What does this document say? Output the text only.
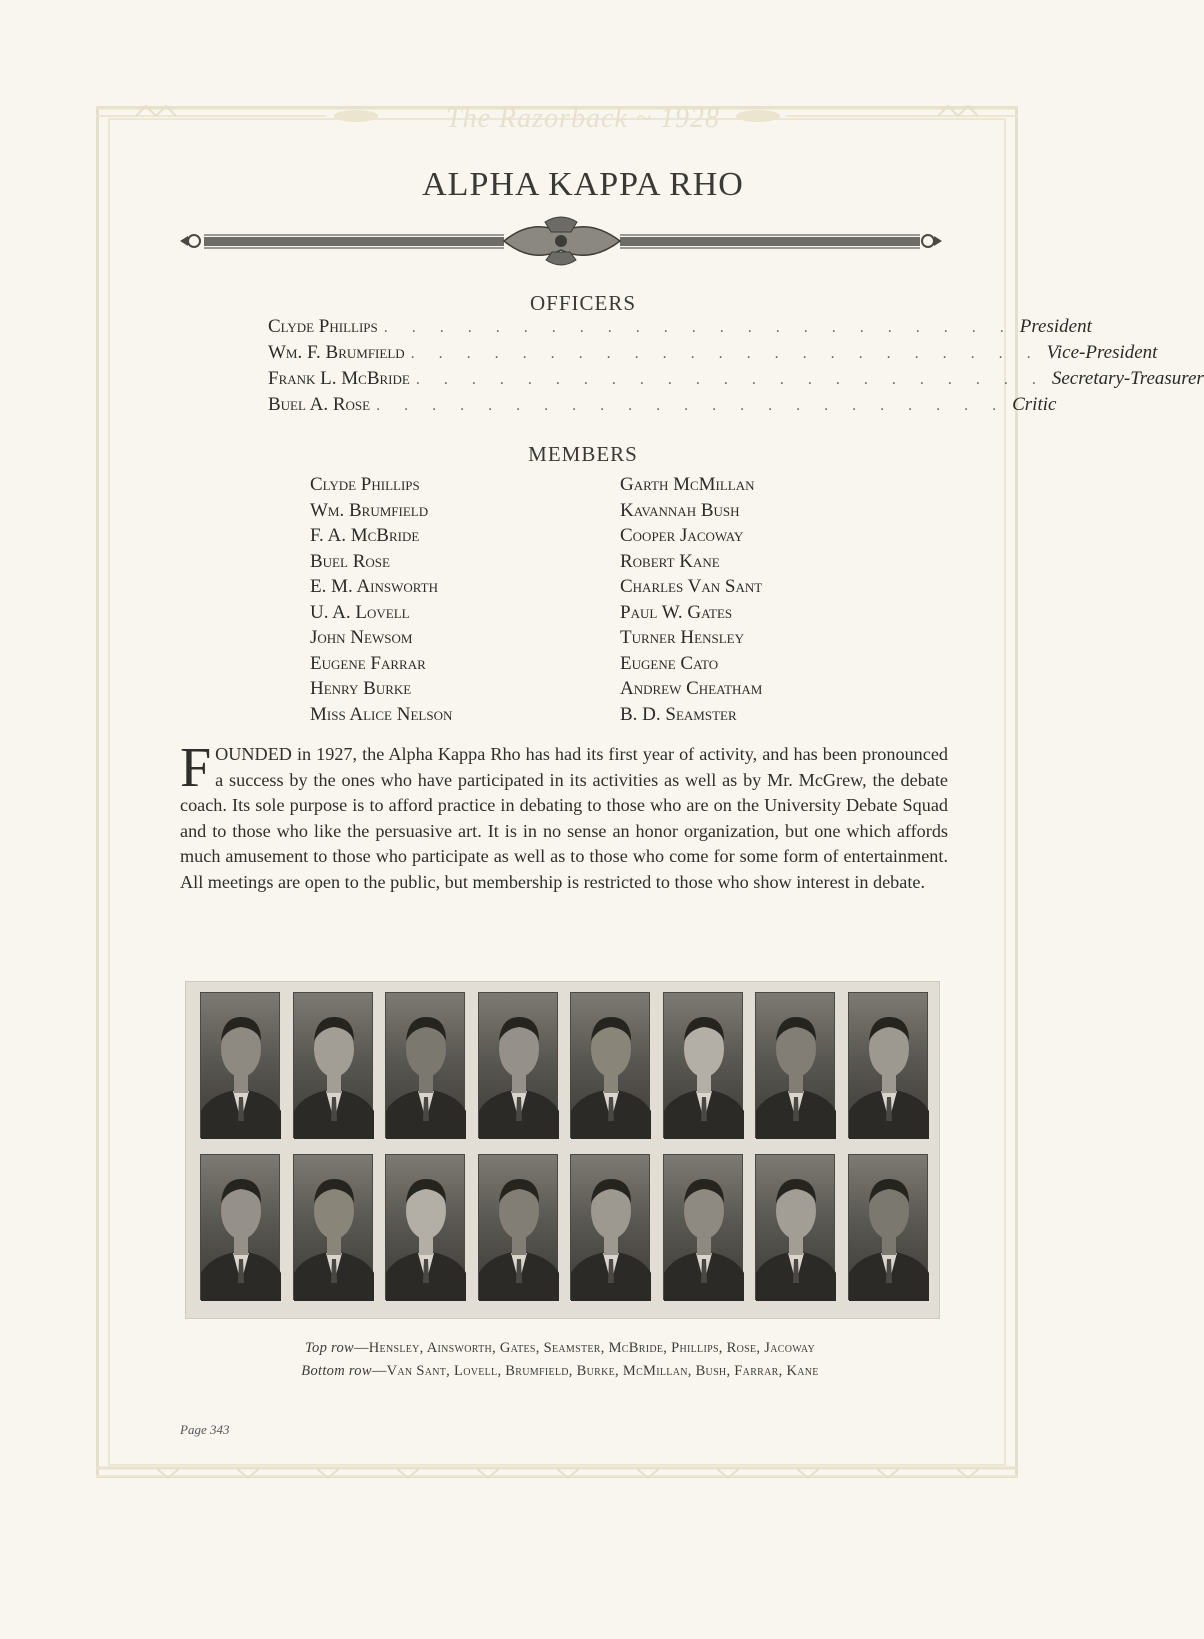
The Razorback ~ 1928
ALPHA KAPPA RHO
OFFICERS
Clyde Phillips . . . . . . . . . . . . . . . . . . . . . . . President
Wm. F. Brumfield . . . . . . . . . . . . . . . . . . . . . . . Vice-President
Frank L. McBride . . . . . . . . . . . . . . . . . . . . . . . Secretary-Treasurer
Buel A. Rose . . . . . . . . . . . . . . . . . . . . . . . Critic
MEMBERS
Clyde Phillips
Wm. Brumfield
F. A. McBride
Buel Rose
E. M. Ainsworth
U. A. Lovell
John Newsom
Eugene Farrar
Henry Burke
Miss Alice Nelson
Garth McMillan
Kavannah Bush
Cooper Jacoway
Robert Kane
Charles Van Sant
Paul W. Gates
Turner Hensley
Eugene Cato
Andrew Cheatham
B. D. Seamster
FOUNDED in 1927, the Alpha Kappa Rho has had its first year of activity, and has been pronounced a success by the ones who have participated in its activities as well as by Mr. McGrew, the debate coach. Its sole purpose is to afford practice in debating to those who are on the University Debate Squad and to those who like the persuasive art. It is in no sense an honor organization, but one which affords much amusement to those who participate as well as to those who come for some form of entertainment. All meetings are open to the public, but membership is restricted to those who show interest in debate.
Top row—Hensley, Ainsworth, Gates, Seamster, McBride, Phillips, Rose, Jacoway
Bottom row—Van Sant, Lovell, Brumfield, Burke, McMillan, Bush, Farrar, Kane
Page 343
